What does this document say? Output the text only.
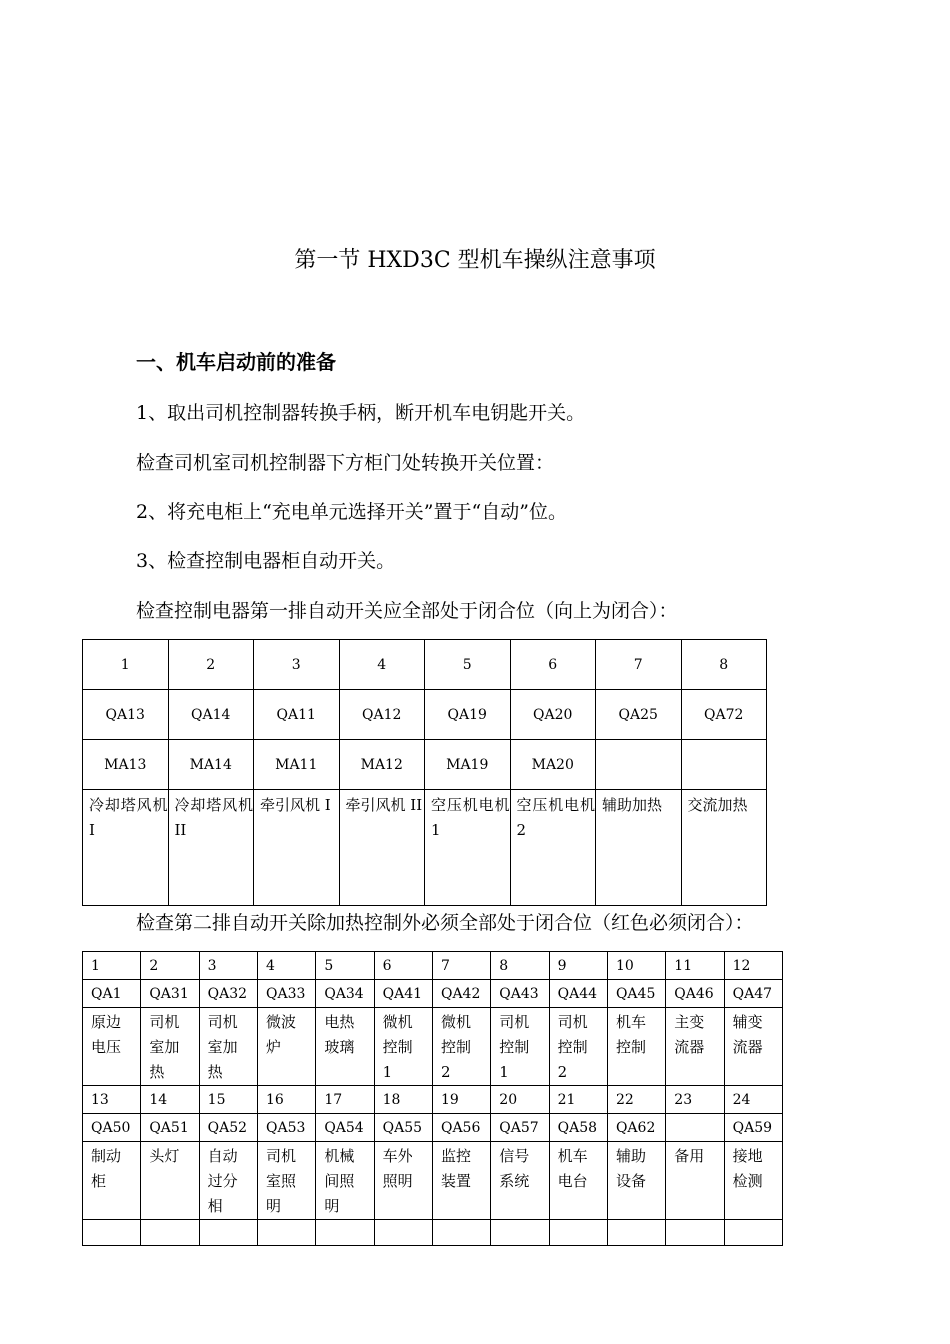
第一节 HXD3C 型机车操纵注意事项
一、机车启动前的准备
1、取出司机控制器转换手柄，断开机车电钥匙开关。
检查司机室司机控制器下方柜门处转换开关位置：
2、将充电柜上“充电单元选择开关”置于“自动”位。
3、检查控制电器柜自动开关。
检查控制电器第一排自动开关应全部处于闭合位（向上为闭合）：
1	2	3	4	5	6	7	8
QA13	QA14	QA11	QA12	QA19	QA20	QA25	QA72
MA13	MA14	MA11	MA12	MA19	MA20		
冷却塔风机 I	冷却塔风机 II	牵引风机 I	牵引风机 II	空压机电机 1	空压机电机 2	辅助加热	交流加热
检查第二排自动开关除加热控制外必须全部处于闭合位（红色必须闭合）：
1	2	3	4	5	6	7	8	9	10	11	12
QA1	QA31	QA32	QA33	QA34	QA41	QA42	QA43	QA44	QA45	QA46	QA47
原边电压	司机室加热	司机室加热	微波炉	电热玻璃	微机控制 1	微机控制 2	司机控制 1	司机控制 2	机车控制	主变流器	辅变流器
13	14	15	16	17	18	19	20	21	22	23	24
QA50	QA51	QA52	QA53	QA54	QA55	QA56	QA57	QA58	QA62		QA59
制动柜	头灯	自动过分相	司机室照明	机械间照明	车外照明	监控装置	信号系统	机车电台	辅助设备	备用	接地检测
